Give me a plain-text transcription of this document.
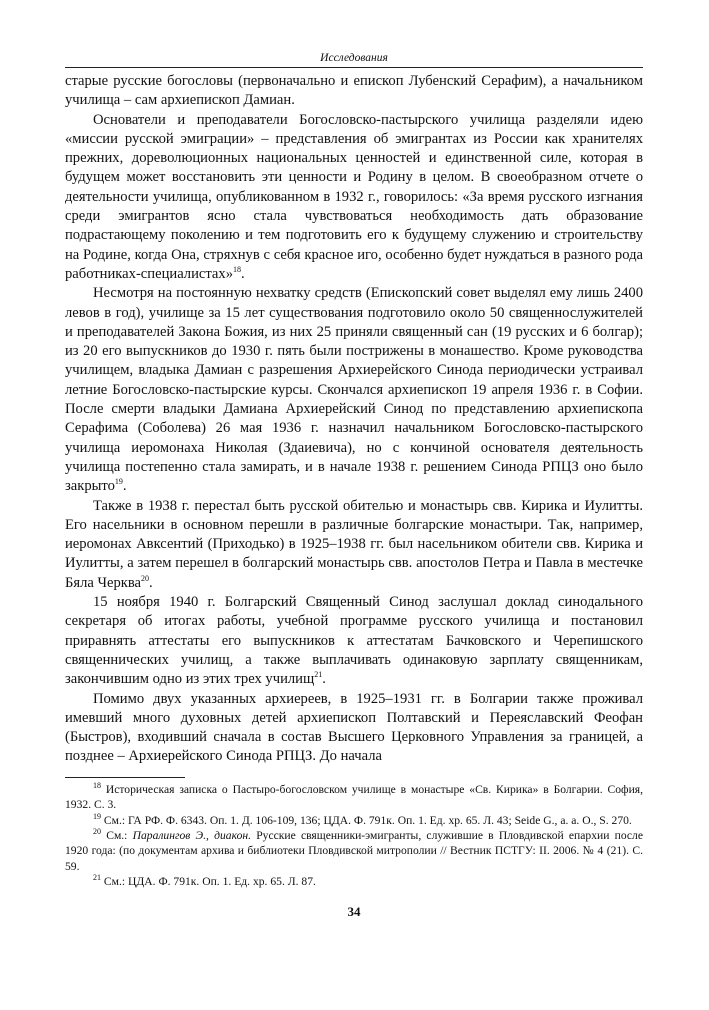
Исследования

старые русские богословы (первоначально и епископ Лубенский Серафим), а начальником училища – сам архиепископ Дамиан.

Основатели и преподаватели Богословско-пастырского училища разделяли идею «миссии русской эмиграции» – представления об эмигрантах из России как хранителях прежних, дореволюционных национальных ценностей и единственной силе, которая в будущем может восстановить эти ценности и Родину в целом. В своеобразном отчете о деятельности училища, опубликованном в 1932 г., говорилось: «За время русского изгнания среди эмигрантов ясно стала чувствоваться необходимость дать образование подрастающему поколению и тем подготовить его к будущему служению и строительству на Родине, когда Она, стряхнув с себя красное иго, особенно будет нуждаться в разного рода работниках-специалистах»$^{18}$.

Несмотря на постоянную нехватку средств (Епископский совет выделял ему лишь 2400 левов в год), училище за 15 лет существования подготовило около 50 священнослужителей и преподавателей Закона Божия, из них 25 приняли священный сан (19 русских и 6 болгар); из 20 его выпускников до 1930 г. пять были пострижены в монашество. Кроме руководства училищем, владыка Дамиан с разрешения Архиерейского Синода периодически устраивал летние Богословско-пастырские курсы. Скончался архиепископ 19 апреля 1936 г. в Софии. После смерти владыки Дамиана Архиерейский Синод по представлению архиепископа Серафима (Соболева) 26 мая 1936 г. назначил начальником Богословско-пастырского училища иеромонаха Николая (Здаиевича), но с кончиной основателя деятельность училища постепенно стала замирать, и в начале 1938 г. решением Синода РПЦЗ оно было закрыто$^{19}$.

Также в 1938 г. перестал быть русской обителью и монастырь свв. Кирика и Иулитты. Его насельники в основном перешли в различные болгарские монастыри. Так, например, иеромонах Авксентий (Приходько) в 1925–1938 гг. был насельником обители свв. Кирика и Иулитты, а затем перешел в болгарский монастырь свв. апостолов Петра и Павла в местечке Бяла Черква$^{20}$.

15 ноября 1940 г. Болгарский Священный Синод заслушал доклад синодального секретаря об итогах работы, учебной программе русского училища и постановил приравнять аттестаты его выпускников к аттестатам Бачковского и Черепишского священнических училищ, а также выплачивать одинаковую зарплату священникам, закончившим одно из этих трех училищ$^{21}$.

Помимо двух указанных архиереев, в 1925–1931 гг. в Болгарии также проживал имевший много духовных детей архиепископ Полтавский и Переяславский Феофан (Быстров), входивший сначала в состав Высшего Церковного Управления за границей, а позднее – Архиерейского Синода РПЦЗ. До начала

$^{18}$ Историческая записка о Пастыро-богословском училище в монастыре «Св. Кирика» в Болгарии. София, 1932. С. 3.

$^{19}$ См.: ГА РФ. Ф. 6343. Оп. 1. Д. 106-109, 136; ЦДА. Ф. 791к. Оп. 1. Ед. хр. 65. Л. 43; Seide G., a. a. O., S. 270.

$^{20}$ См.: Паралингов Э., диакон. Русские священники-эмигранты, служившие в Пловдивской епархии после 1920 года: (по документам архива и библиотеки Пловдивской митрополии // Вестник ПСТГУ: II. 2006. № 4 (21). С. 59.

$^{21}$ См.: ЦДА. Ф. 791к. Оп. 1. Ед. хр. 65. Л. 87.

34
